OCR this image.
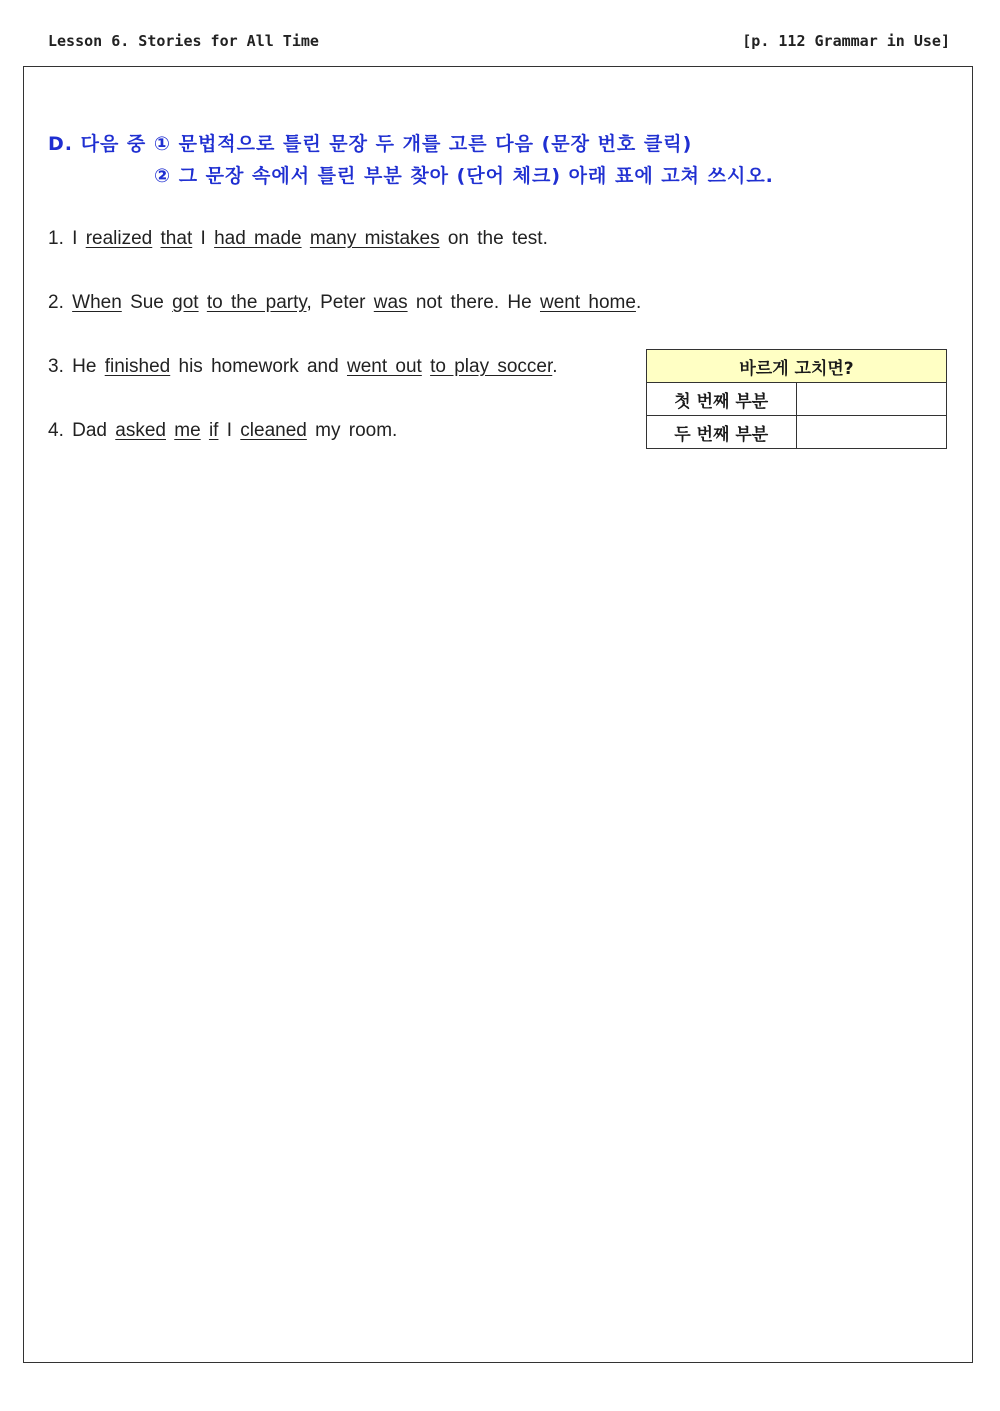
Lesson 6. Stories for All Time	[p. 112 Grammar in Use]
D. 다음 중 ① 문법적으로 틀린 문장 두 개를 고른 다음 (문장 번호 클릭)
② 그 문장 속에서 틀린 부분 찾아 (단어 체크) 아래 표에 고쳐 쓰시오.
1. I realized that I had made many mistakes on the test.
2. When Sue got to the party, Peter was not there. He went home.
3. He finished his homework and went out to play soccer.
4. Dad asked me if I cleaned my room.
바르게 고치면?	
첫 번째 부분	
두 번째 부분	
